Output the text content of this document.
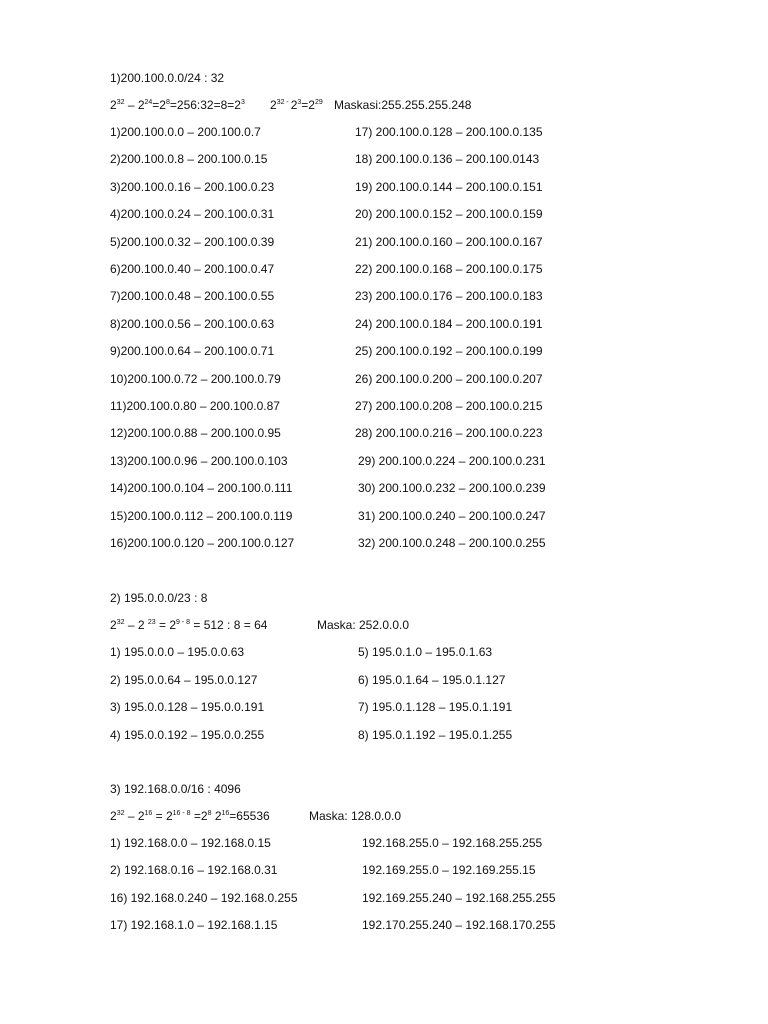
1)200.100.0.0/24 : 32
$2^{32}$ – $2^{24}=2^8=256:32=8=2^3$ $2^{32 -}$ $2^3=2^{29}$ Maskasi:255.255.255.248
1)200.100.0.0 – 200.100.0.7	17) 200.100.0.128 – 200.100.0.135
2)200.100.0.8 – 200.100.0.15	18) 200.100.0.136 – 200.100.0143
3)200.100.0.16 – 200.100.0.23	19) 200.100.0.144 – 200.100.0.151
4)200.100.0.24 – 200.100.0.31	20) 200.100.0.152 – 200.100.0.159
5)200.100.0.32 – 200.100.0.39	21) 200.100.0.160 – 200.100.0.167
6)200.100.0.40 – 200.100.0.47	22) 200.100.0.168 – 200.100.0.175
7)200.100.0.48 – 200.100.0.55	23) 200.100.0.176 – 200.100.0.183
8)200.100.0.56 – 200.100.0.63	24) 200.100.0.184 – 200.100.0.191
9)200.100.0.64 – 200.100.0.71	25) 200.100.0.192 – 200.100.0.199
10)200.100.0.72 – 200.100.0.79	26) 200.100.0.200 – 200.100.0.207
11)200.100.0.80 – 200.100.0.87	27) 200.100.0.208 – 200.100.0.215
12)200.100.0.88 – 200.100.0.95	28) 200.100.0.216 – 200.100.0.223
13)200.100.0.96 – 200.100.0.103	29) 200.100.0.224 – 200.100.0.231
14)200.100.0.104 – 200.100.0.111	30) 200.100.0.232 – 200.100.0.239
15)200.100.0.112 – 200.100.0.119	31) 200.100.0.240 – 200.100.0.247
16)200.100.0.120 – 200.100.0.127	32) 200.100.0.248 – 200.100.0.255
2) 195.0.0.0/23 : 8
$2^{32} - 2$ $^{23} = 2^{9 - 8} = 512$ : 8 = 64	Maska: 252.0.0.0
1) 195.0.0.0 – 195.0.0.63	5) 195.0.1.0 – 195.0.1.63
2) 195.0.0.64 – 195.0.0.127	6) 195.0.1.64 – 195.0.1.127
3) 195.0.0.128 – 195.0.0.191	7) 195.0.1.128 – 195.0.1.191
4) 195.0.0.192 – 195.0.0.255	8) 195.0.1.192 – 195.0.1.255
3) 192.168.0.0/16 : 4096
$2^{32} - 2^{16} = 2^{16 - 8} =2^8$ $2^{16}=65536$	Maska: 128.0.0.0
1) 192.168.0.0 – 192.168.0.15	192.168.255.0 – 192.168.255.255
2) 192.168.0.16 – 192.168.0.31	192.169.255.0 – 192.169.255.15
16) 192.168.0.240 – 192.168.0.255	192.169.255.240 – 192.168.255.255
17) 192.168.1.0 – 192.168.1.15	192.170.255.240 – 192.168.170.255
